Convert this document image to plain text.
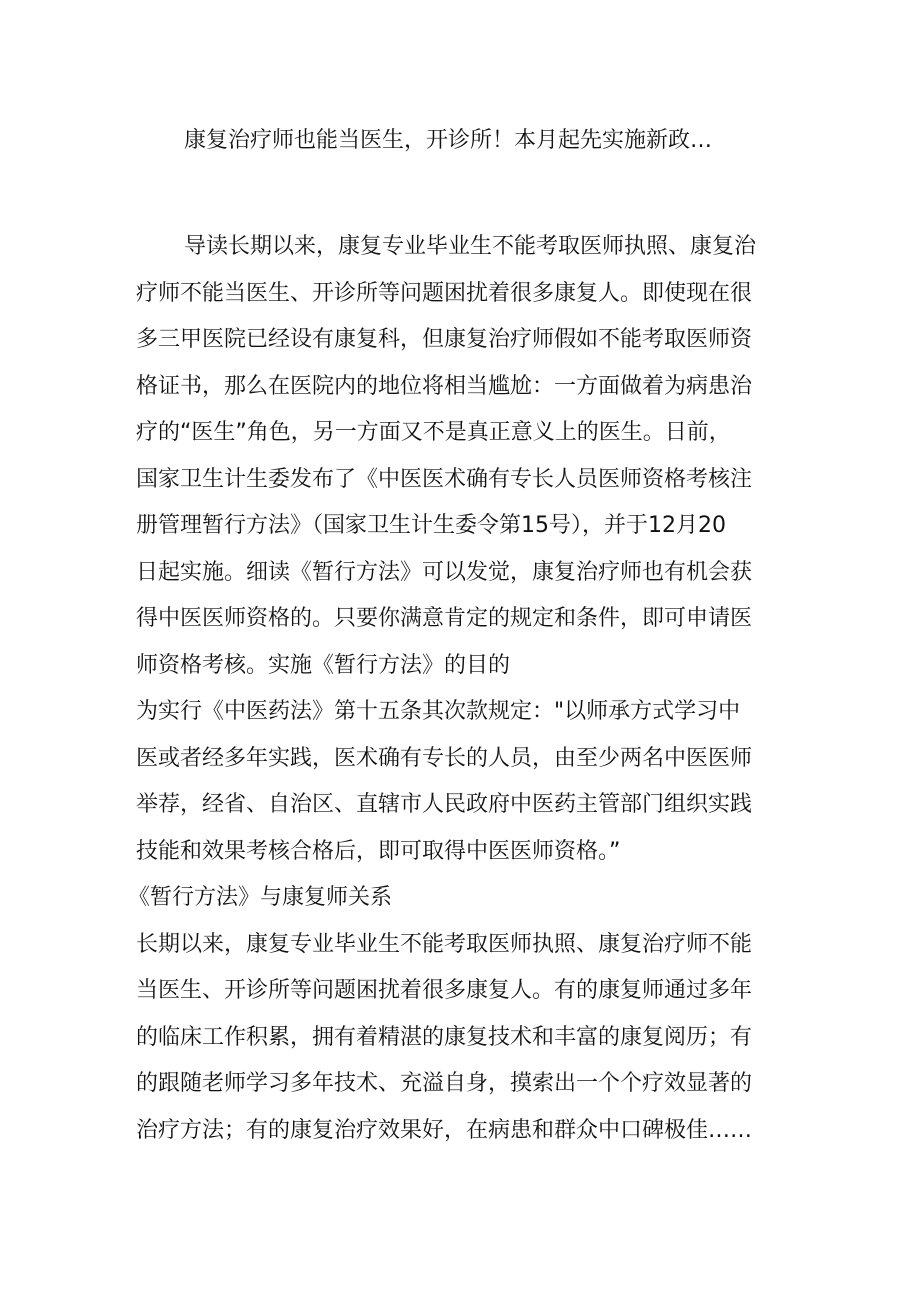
康复治疗师也能当医生，开诊所！本月起先实施新政…
导读长期以来，康复专业毕业生不能考取医师执照、康复治
疗师不能当医生、开诊所等问题困扰着很多康复人。即使现在很
多三甲医院已经设有康复科，但康复治疗师假如不能考取医师资
格证书，那么在医院内的地位将相当尴尬：一方面做着为病患治
疗的“医生”角色，另一方面又不是真正意义上的医生。日前，
国家卫生计生委发布了《中医医术确有专长人员医师资格考核注
册管理暂行方法》（国家卫生计生委令第15号），并于12月20
日起实施。细读《暂行方法》可以发觉，康复治疗师也有机会获
得中医医师资格的。只要你满意肯定的规定和条件，即可申请医
师资格考核。实施《暂行方法》的目的
为实行《中医药法》第十五条其次款规定："以师承方式学习中
医或者经多年实践，医术确有专长的人员，由至少两名中医医师
举荐，经省、自治区、直辖市人民政府中医药主管部门组织实践
技能和效果考核合格后，即可取得中医医师资格。”
《暂行方法》与康复师关系
长期以来，康复专业毕业生不能考取医师执照、康复治疗师不能
当医生、开诊所等问题困扰着很多康复人。有的康复师通过多年
的临床工作积累，拥有着精湛的康复技术和丰富的康复阅历；有
的跟随老师学习多年技术、充溢自身，摸索出一个个疗效显著的
治疗方法；有的康复治疗效果好，在病患和群众中口碑极佳……
